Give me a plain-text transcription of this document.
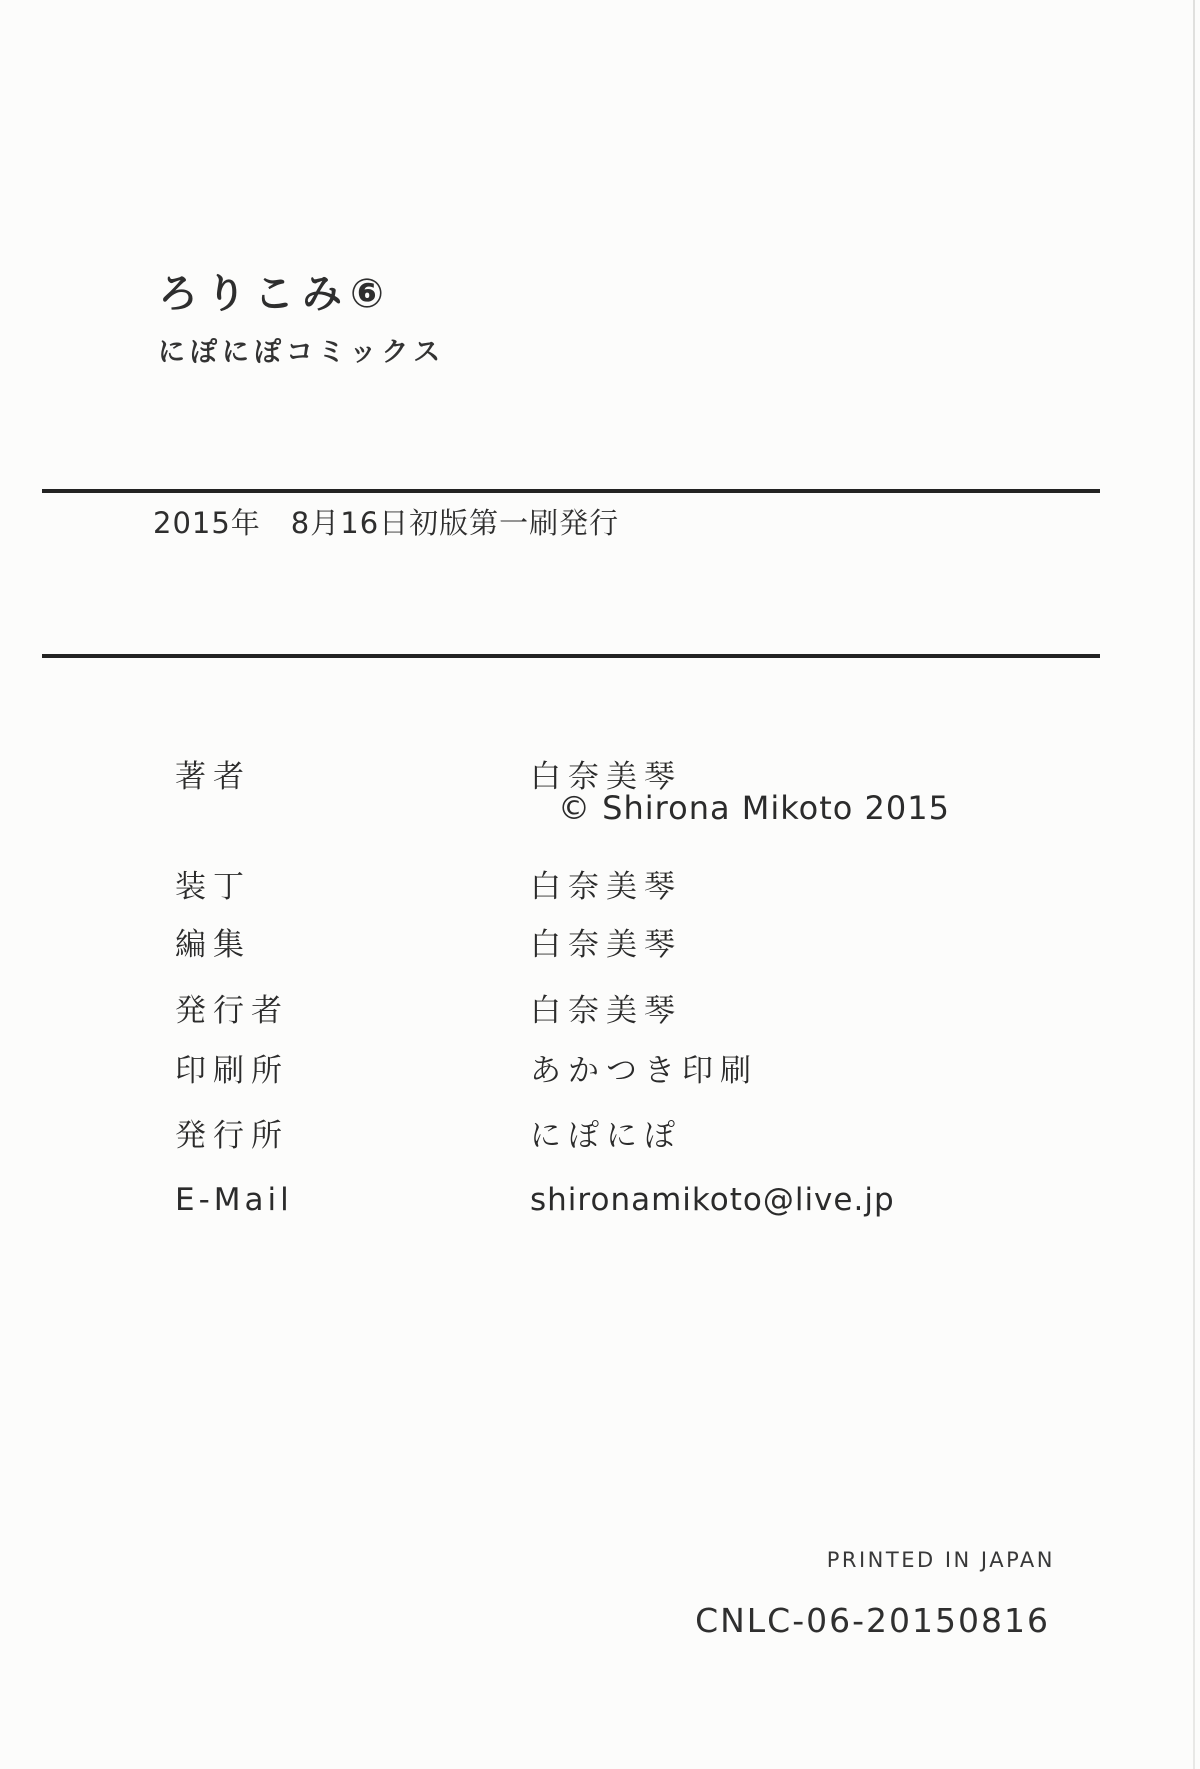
ろりこみ⑥
にぽにぽコミックス
2015年　8月16日初版第一刷発行
著者	白奈美琴
© Shirona Mikoto 2015
装丁	白奈美琴
編集	白奈美琴
発行者	白奈美琴
印刷所	あかつき印刷
発行所	にぽにぽ
E-Mail	shironamikoto@live.jp
PRINTED IN JAPAN
CNLC-06-20150816
